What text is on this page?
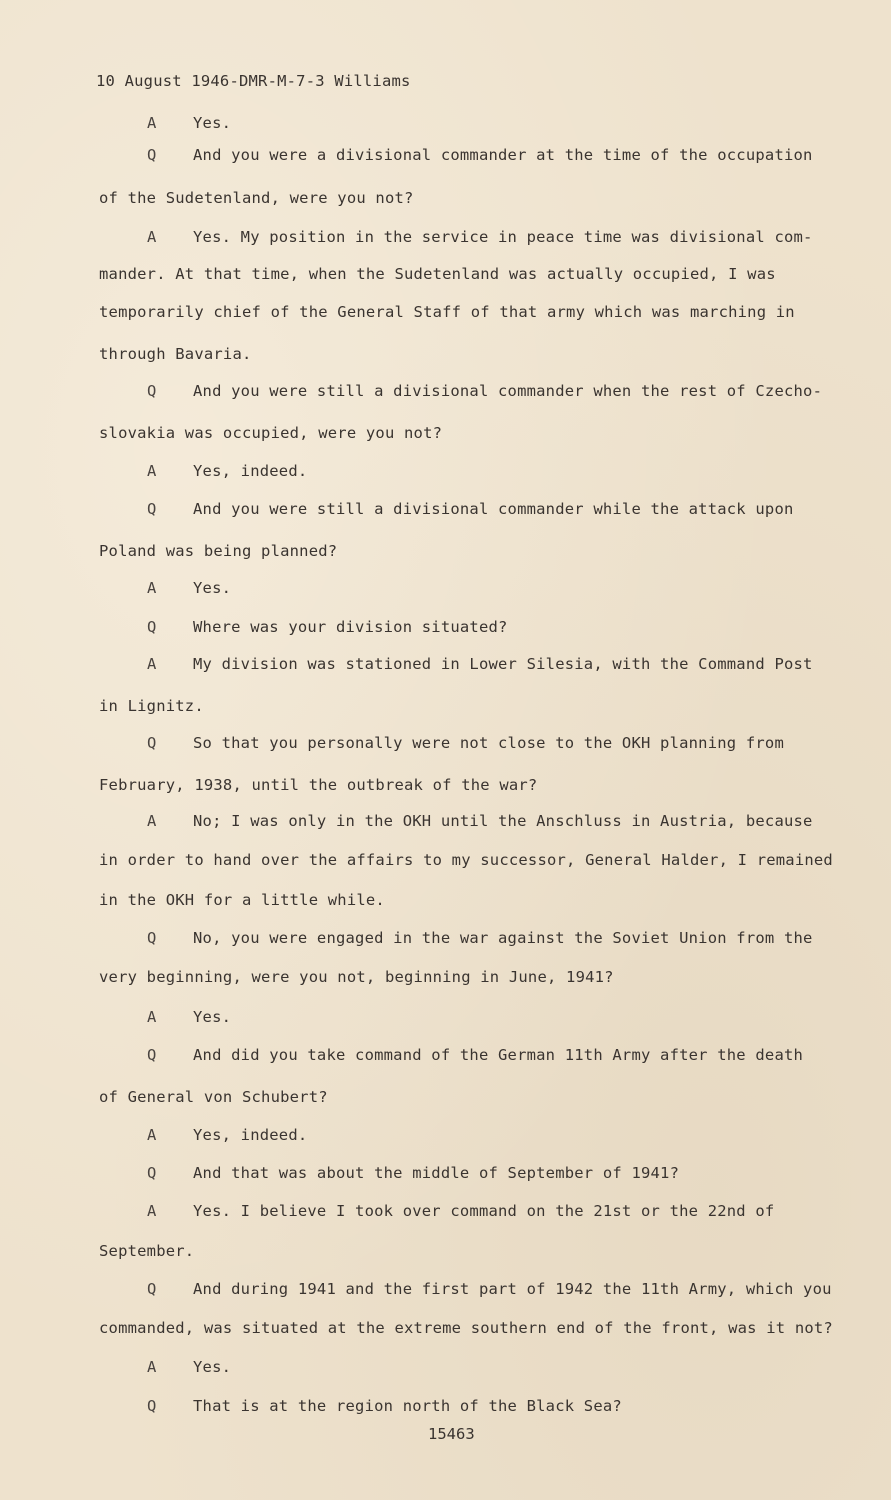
10 August 1946-DMR-M-7-3 Williams
A Yes.
Q And you were a divisional commander at the time of the occupation
of the Sudetenland, were you not?
A Yes. My position in the service in peace time was divisional com-
mander. At that time, when the Sudetenland was actually occupied, I was
temporarily chief of the General Staff of that army which was marching in
through Bavaria.
Q And you were still a divisional commander when the rest of Czecho-
slovakia was occupied, were you not?
A Yes, indeed.
Q And you were still a divisional commander while the attack upon
Poland was being planned?
A Yes.
Q Where was your division situated?
A My division was stationed in Lower Silesia, with the Command Post
in Lignitz.
Q So that you personally were not close to the OKH planning from
February, 1938, until the outbreak of the war?
A No; I was only in the OKH until the Anschluss in Austria, because
in order to hand over the affairs to my successor, General Halder, I remained
in the OKH for a little while.
Q No, you were engaged in the war against the Soviet Union from the
very beginning, were you not, beginning in June, 1941?
A Yes.
Q And did you take command of the German 11th Army after the death
of General von Schubert?
A Yes, indeed.
Q And that was about the middle of September of 1941?
A Yes. I believe I took over command on the 21st or the 22nd of
September.
Q And during 1941 and the first part of 1942 the 11th Army, which you
commanded, was situated at the extreme southern end of the front, was it not?
A Yes.
Q That is at the region north of the Black Sea?
15463
